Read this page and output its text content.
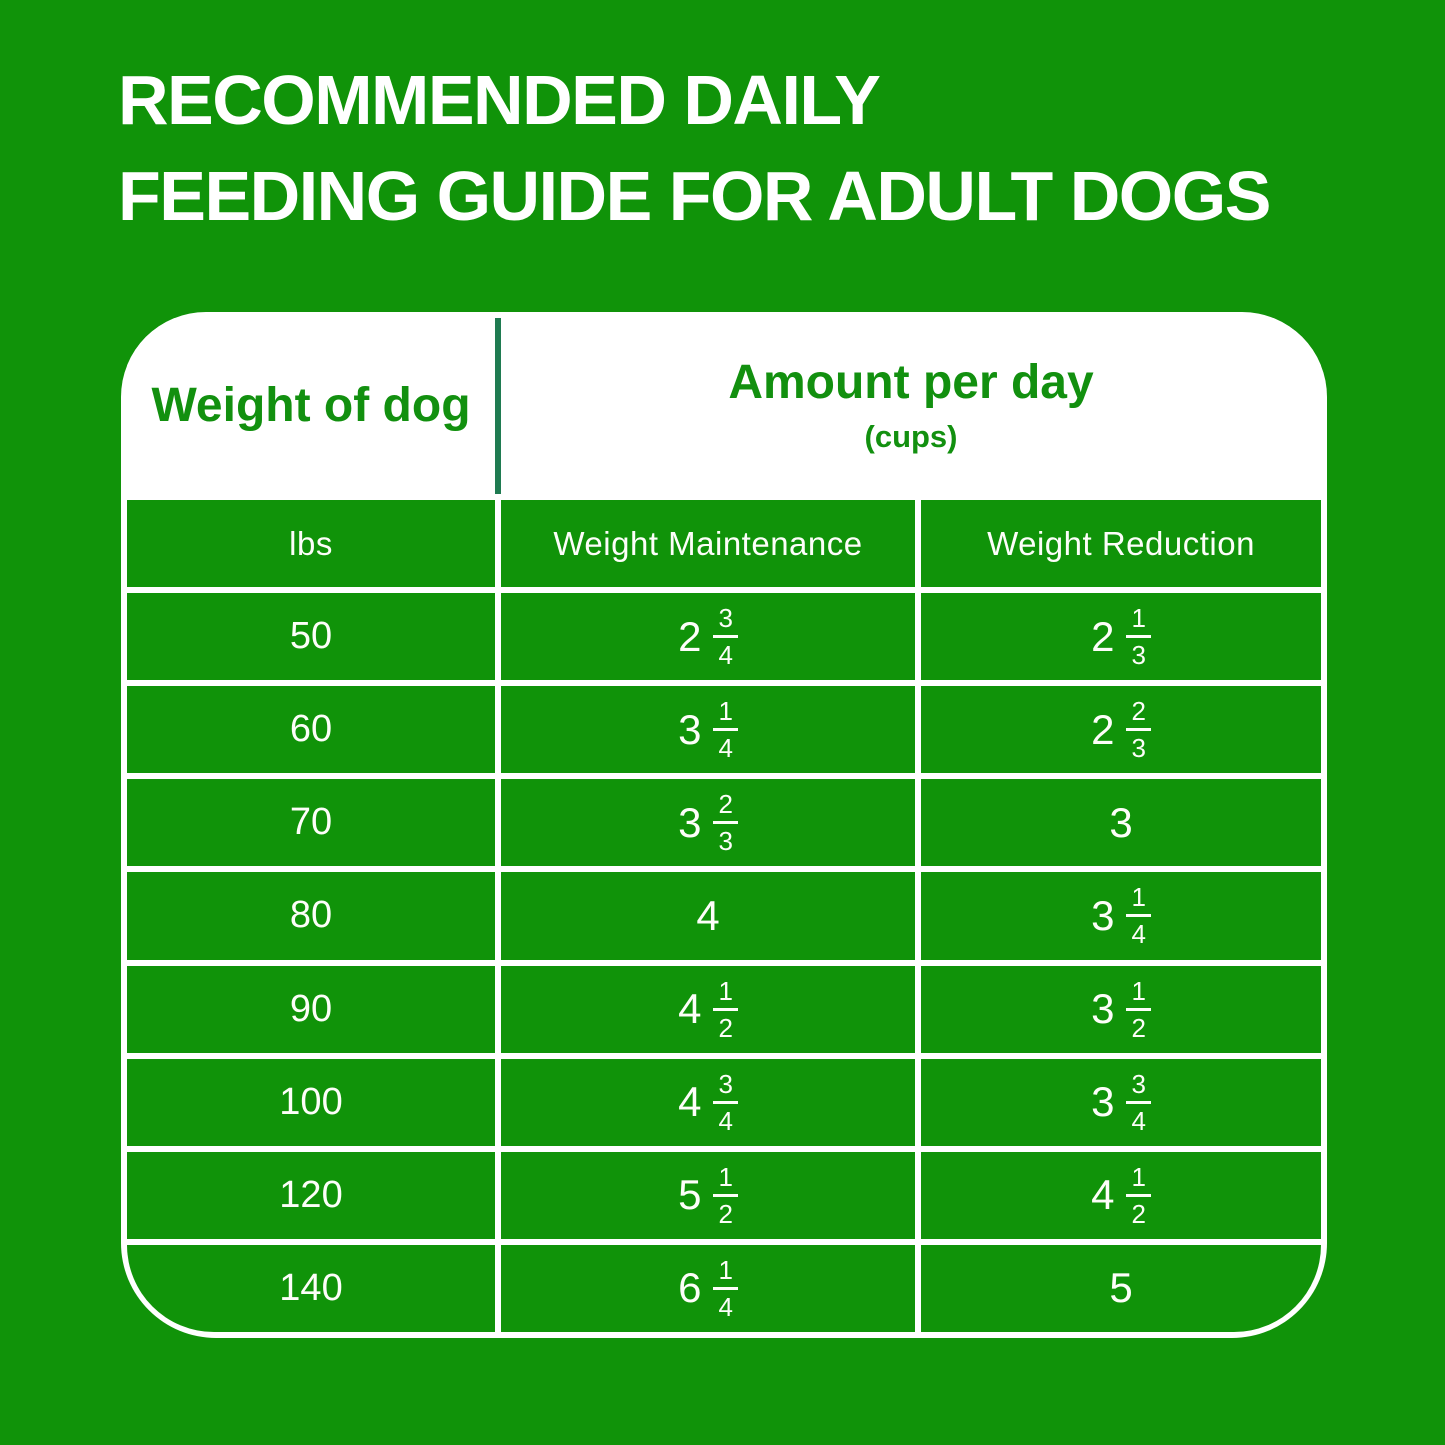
RECOMMENDED DAILY
FEEDING GUIDE FOR ADULT DOGS
Weight of dog	Amount per day
(cups)
lbs	Weight Maintenance	Weight Reduction
50	$2 \frac{3}{4}$	$2 \frac{1}{3}$
60	$3 \frac{1}{4}$	$2 \frac{2}{3}$
70	$3 \frac{2}{3}$	3
80	4	$3 \frac{1}{4}$
90	$4 \frac{1}{2}$	$3 \frac{1}{2}$
100	$4 \frac{3}{4}$	$3 \frac{3}{4}$
120	$5 \frac{1}{2}$	$4 \frac{1}{2}$
140	$6 \frac{1}{4}$	5
